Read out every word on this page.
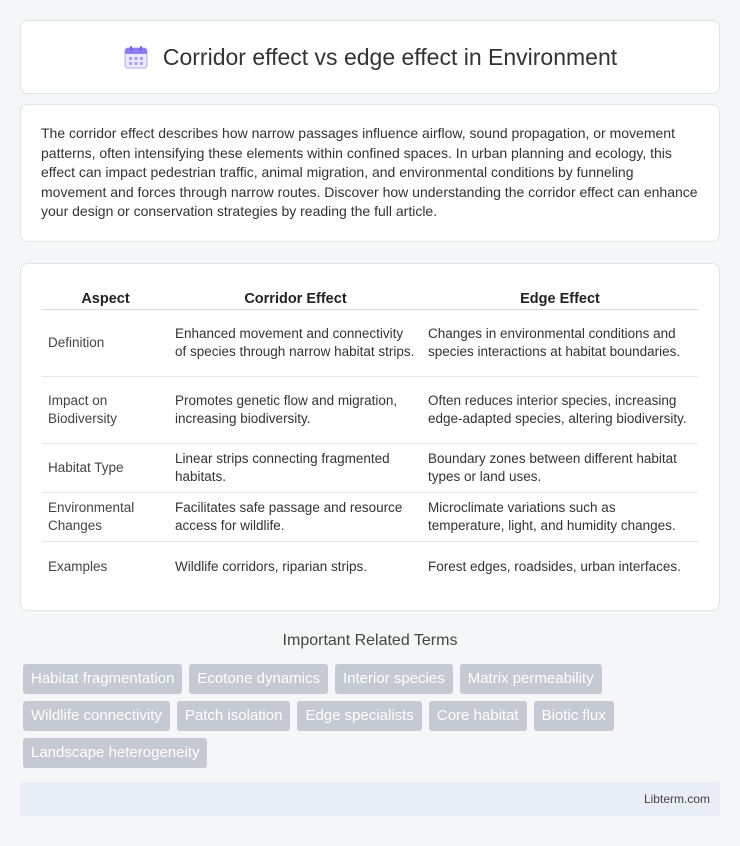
Corridor effect vs edge effect in Environment

The corridor effect describes how narrow passages influence airflow, sound propagation, or movement patterns, often intensifying these elements within confined spaces. In urban planning and ecology, this effect can impact pedestrian traffic, animal migration, and environmental conditions by funneling movement and forces through narrow routes. Discover how understanding the corridor effect can enhance your design or conservation strategies by reading the full article.

Aspect	Corridor Effect	Edge Effect
Definition	Enhanced movement and connectivity of species through narrow habitat strips.	Changes in environmental conditions and species interactions at habitat boundaries.
Impact on Biodiversity	Promotes genetic flow and migration, increasing biodiversity.	Often reduces interior species, increasing edge-adapted species, altering biodiversity.
Habitat Type	Linear strips connecting fragmented habitats.	Boundary zones between different habitat types or land uses.
Environmental Changes	Facilitates safe passage and resource access for wildlife.	Microclimate variations such as temperature, light, and humidity changes.
Examples	Wildlife corridors, riparian strips.	Forest edges, roadsides, urban interfaces.
Important Related Terms
Habitat fragmentation	Ecotone dynamics	Interior species	Matrix permeability
Wildlife connectivity	Patch isolation	Edge specialists	Core habitat	Biotic flux
Landscape heterogeneity
Libterm.com
